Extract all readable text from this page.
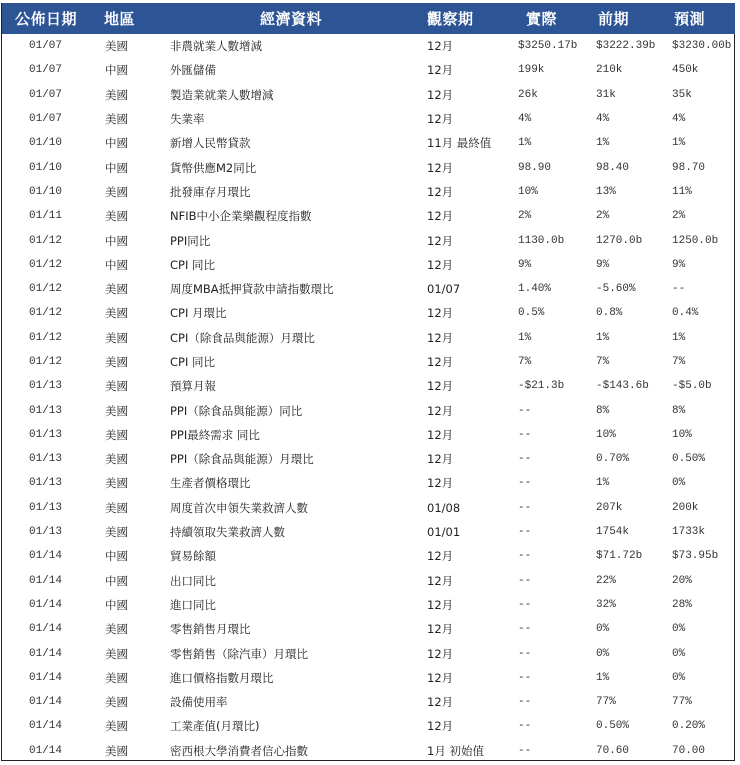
公佈日期	地區	經濟資料	觀察期	實際	前期	預測
01/07	美國	非農就業人數增減	12月	$3250.17b	$3222.39b	$3230.00b
01/07	中國	外匯儲備	12月	199k	210k	450k
01/07	美國	製造業就業人數增減	12月	26k	31k	35k
01/07	美國	失業率	12月	4%	4%	4%
01/10	中國	新增人民幣貸款	11月 最終值	1%	1%	1%
01/10	中國	貨幣供應M2同比	12月	98.90	98.40	98.70
01/10	美國	批發庫存月環比	12月	10%	13%	11%
01/11	美國	NFIB中小企業樂觀程度指數	12月	2%	2%	2%
01/12	中國	PPI同比	12月	1130.0b	1270.0b	1250.0b
01/12	中國	CPI 同比	12月	9%	9%	9%
01/12	美國	周度MBA抵押貸款申請指數環比	01/07	1.40%	-5.60%	--
01/12	美國	CPI 月環比	12月	0.5%	0.8%	0.4%
01/12	美國	CPI（除食品與能源）月環比	12月	1%	1%	1%
01/12	美國	CPI 同比	12月	7%	7%	7%
01/13	美國	預算月報	12月	-$21.3b	-$143.6b	-$5.0b
01/13	美國	PPI（除食品與能源）同比	12月	--	8%	8%
01/13	美國	PPI最終需求 同比	12月	--	10%	10%
01/13	美國	PPI（除食品與能源）月環比	12月	--	0.70%	0.50%
01/13	美國	生產者價格環比	12月	--	1%	0%
01/13	美國	周度首次申領失業救濟人數	01/08	--	207k	200k
01/13	美國	持續領取失業救濟人數	01/01	--	1754k	1733k
01/14	中國	貿易餘額	12月	--	$71.72b	$73.95b
01/14	中國	出口同比	12月	--	22%	20%
01/14	中國	進口同比	12月	--	32%	28%
01/14	美國	零售銷售月環比	12月	--	0%	0%
01/14	美國	零售銷售（除汽車）月環比	12月	--	0%	0%
01/14	美國	進口價格指數月環比	12月	--	1%	0%
01/14	美國	設備使用率	12月	--	77%	77%
01/14	美國	工業產值(月環比)	12月	--	0.50%	0.20%
01/14	美國	密西根大學消費者信心指數	1月 初始值	--	70.60	70.00
